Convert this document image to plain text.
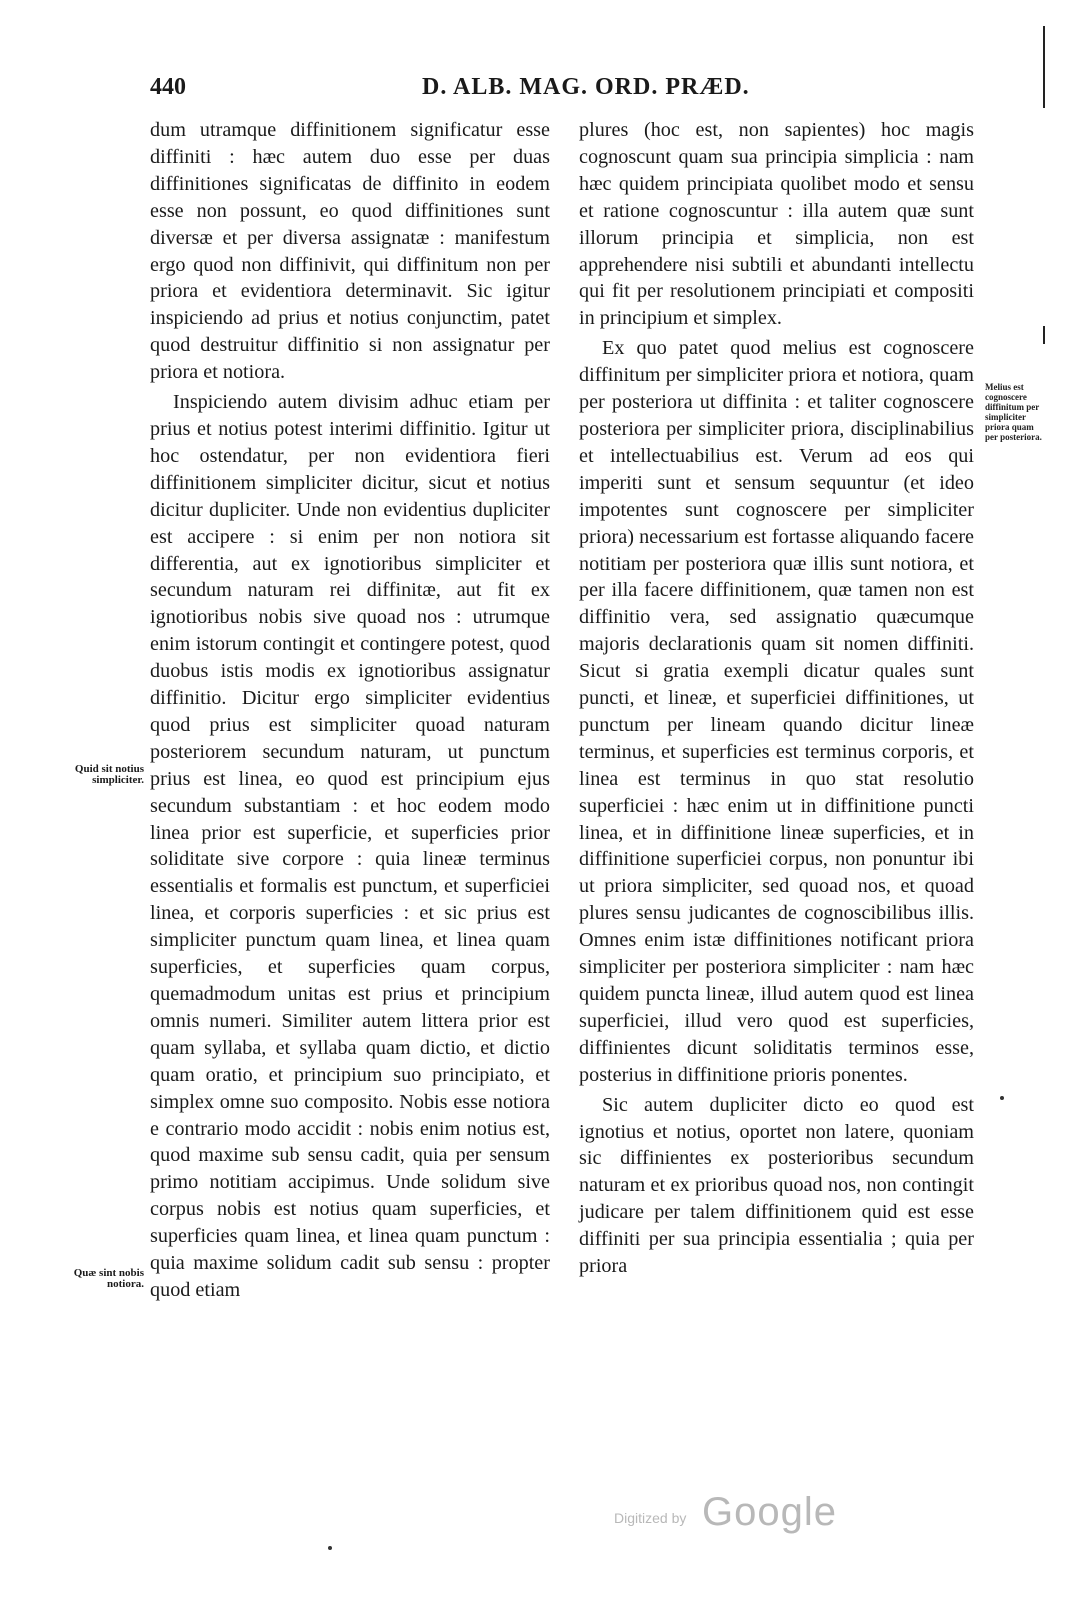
440	D. ALB. MAG. ORD. PRÆD.

dum utramque diffinitionem significatur esse diffiniti : hæc autem duo esse per duas diffinitiones significatas de diffinito in eodem esse non possunt, eo quod diffinitiones sunt diversæ et per diversa assignatæ : manifestum ergo quod non diffinivit, qui diffinitum non per priora et evidentiora determinavit. Sic igitur inspiciendo ad prius et notius conjunctim, patet quod destruitur diffinitio si non assignatur per priora et notiora.

Inspiciendo autem divisim adhuc etiam per prius et notius potest interimi diffinitio. Igitur ut hoc ostendatur, per non evidentiora fieri diffinitionem simpliciter dicitur, sicut et notius dicitur dupliciter. Unde non evidentius dupliciter est accipere : si enim per non notiora sit differentia, aut ex ignotioribus simpliciter et secundum naturam rei diffinitæ, aut fit ex ignotioribus nobis sive quoad nos : utrumque enim istorum contingit et contingere potest, quod duobus istis modis ex ignotioribus assignatur diffinitio. Dicitur ergo simpliciter evidentius quod prius est simpliciter quoad naturam posteriorem secundum naturam, ut punctum prius est linea, eo quod est principium ejus secundum substantiam : et hoc eodem modo linea prior est superficie, et superficies prior soliditate sive corpore : quia lineæ terminus essentialis et formalis est punctum, et superficiei linea, et corporis superficies : et sic prius est simpliciter punctum quam linea, et linea quam superficies, et superficies quam corpus, quemadmodum unitas est prius et principium omnis numeri. Similiter autem littera prior est quam syllaba, et syllaba quam dictio, et dictio quam oratio, et principium suo principiato, et simplex omne suo composito. Nobis esse notiora e contrario modo accidit : nobis enim notius est, quod maxime sub sensu cadit, quia per sensum primo notitiam accipimus. Unde solidum sive corpus nobis est notius quam superficies, et superficies quam linea, et linea quam punctum : quia maxime solidum cadit sub sensu : propter quod etiam

Quid sit notius simpliciter.
Quæ sint nobis notiora.

plures (hoc est, non sapientes) hoc magis cognoscunt quam sua principia simplicia : nam hæc quidem principiata quolibet modo et sensu et ratione cognoscuntur : illa autem quæ sunt illorum principia et simplicia, non est apprehendere nisi subtili et abundanti intellectu qui fit per resolutionem principiati et compositi in principium et simplex.

Ex quo patet quod melius est cognoscere diffinitum per simpliciter priora et notiora, quam per posteriora ut diffinita : et taliter cognoscere posteriora per simpliciter priora, disciplinabilius et intellectuabilius est. Verum ad eos qui imperiti sunt et sensum sequuntur (et ideo impotentes sunt cognoscere per simpliciter priora) necessarium est fortasse aliquando facere notitiam per posteriora quæ illis sunt notiora, et per illa facere diffinitionem, quæ tamen non est diffinitio vera, sed assignatio quæcumque majoris declarationis quam sit nomen diffiniti. Sicut si gratia exempli dicatur quales sunt puncti, et lineæ, et superficiei diffinitiones, ut punctum per lineam quando dicitur lineæ terminus, et superficies est terminus corporis, et linea est terminus in quo stat resolutio superficiei : hæc enim ut in diffinitione puncti linea, et in diffinitione lineæ superficies, et in diffinitione superficiei corpus, non ponuntur ibi ut priora simpliciter, sed quoad nos, et quoad plures sensu judicantes de cognoscibilibus illis. Omnes enim istæ diffinitiones notificant priora simpliciter per posteriora simpliciter : nam hæc quidem puncta lineæ, illud autem quod est linea superficiei, illud vero quod est superficies, diffinientes dicunt soliditatis terminos esse, posterius in diffinitione prioris ponentes.

Sic autem dupliciter dicto eo quod est ignotius et notius, oportet non latere, quoniam sic diffinientes ex posterioribus secundum naturam et ex prioribus quoad nos, non contingit judicare per talem diffinitionem quid est esse diffiniti per sua principia essentialia ; quia per priora

Melius est cognoscere diffinitum per simpliciter priora quam per posteriora.
Digitized by Google
